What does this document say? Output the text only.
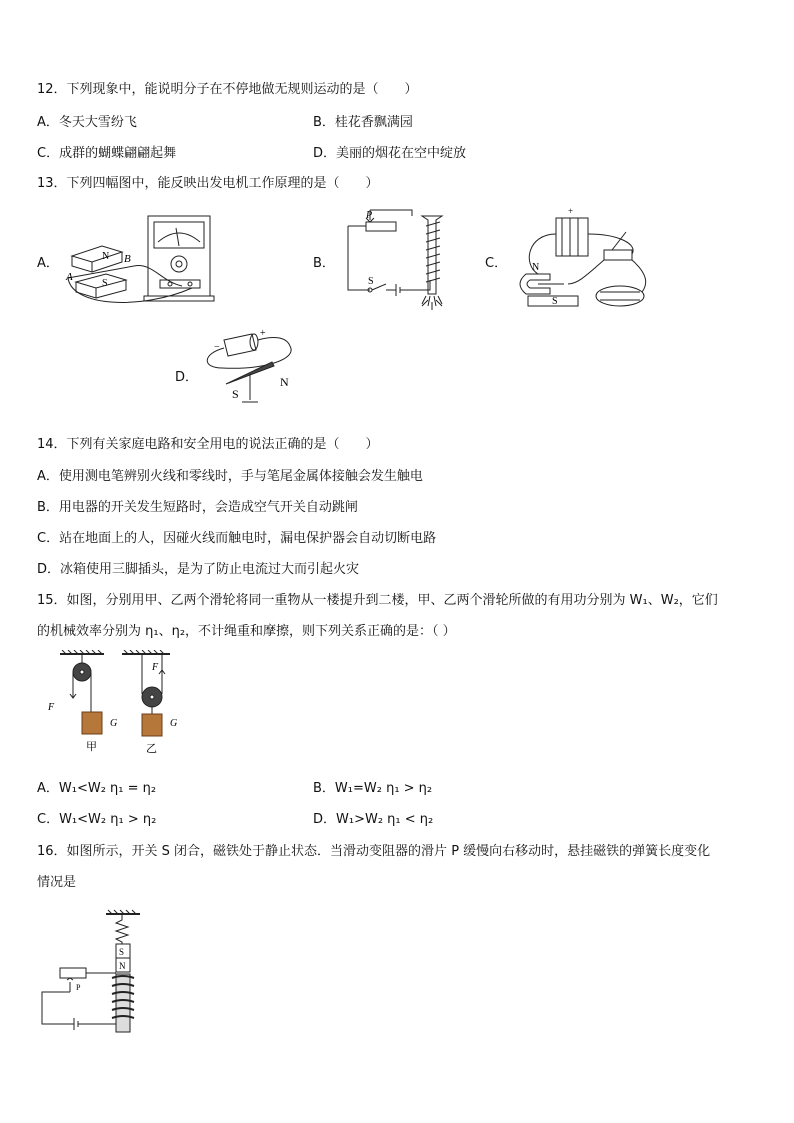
12．下列现象中，能说明分子在不停地做无规则运动的是（　　）
A．冬天大雪纷飞	B．桂花香飘满园
C．成群的蝴蝶翩翩起舞	D．美丽的烟花在空中绽放
13．下列四幅图中，能反映出发电机工作原理的是（　　）
A．	B．	C．
D．
N
S
A
B
P
S
+
N
S
+
−
S
N
14．下列有关家庭电路和安全用电的说法正确的是（　　）
A．使用测电笔辨别火线和零线时，手与笔尾金属体接触会发生触电
B．用电器的开关发生短路时，会造成空气开关自动跳闸
C．站在地面上的人，因碰火线而触电时，漏电保护器会自动切断电路
D．冰箱使用三脚插头，是为了防止电流过大而引起火灾
15．如图，分别用甲、乙两个滑轮将同一重物从一楼提升到二楼，甲、乙两个滑轮所做的有用功分别为 W₁、W₂，它们
的机械效率分别为 η₁、η₂，不计绳重和摩擦，则下列关系正确的是：（ ）
F
G
F
G
甲	乙
A．W₁<W₂ η₁ = η₂	B．W₁=W₂ η₁ > η₂
C．W₁<W₂ η₁ > η₂	D．W₁>W₂ η₁ < η₂
16．如图所示，开关 S 闭合，磁铁处于静止状态．当滑动变阻器的滑片 P 缓慢向右移动时，悬挂磁铁的弹簧长度变化
情况是
S
N
P
